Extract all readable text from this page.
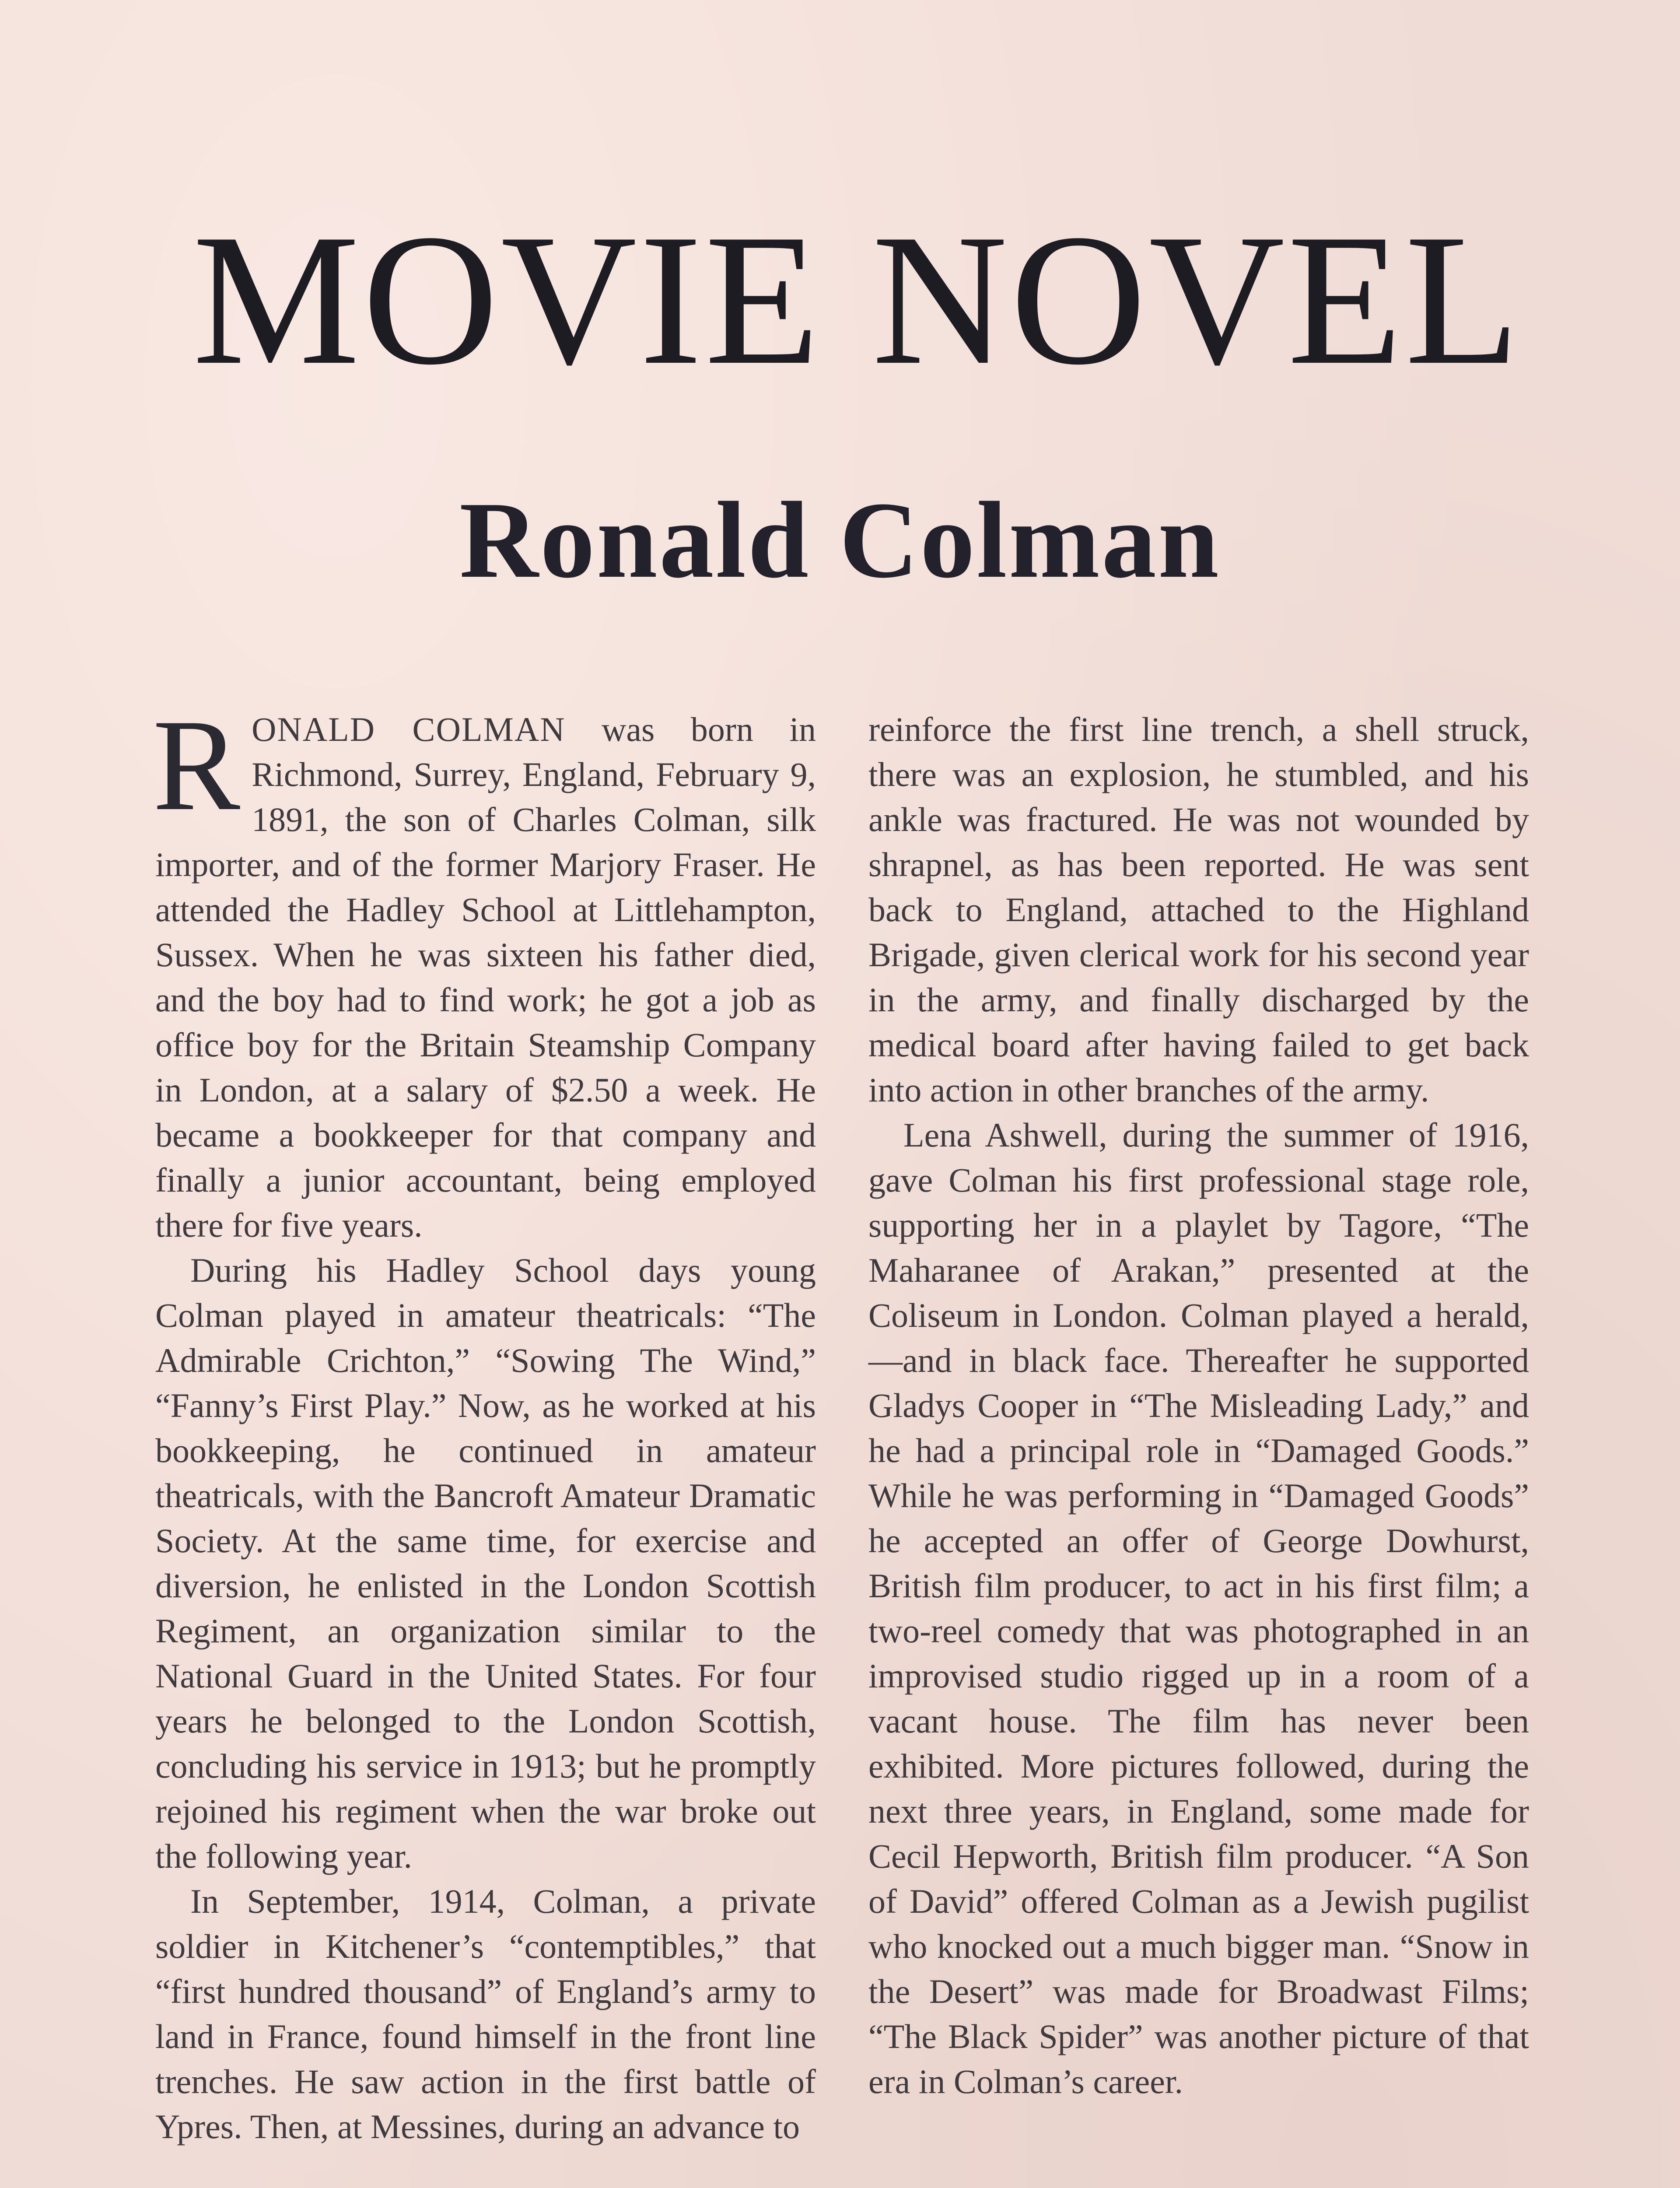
MOVIE NOVEL
Ronald Colman

RONALD COLMAN was born in Richmond, Surrey, England, February 9, 1891, the son of Charles Colman, silk importer, and of the former Marjory Fraser. He attended the Hadley School at Littlehampton, Sussex. When he was sixteen his father died, and the boy had to find work; he got a job as office boy for the Britain Steamship Company in London, at a salary of $2.50 a week. He became a bookkeeper for that company and finally a junior accountant, being employed there for five years.

During his Hadley School days young Colman played in amateur theatricals: “The Admirable Crichton,” “Sowing The Wind,” “Fanny’s First Play.” Now, as he worked at his bookkeeping, he continued in amateur theatricals, with the Bancroft Amateur Dramatic Society. At the same time, for exercise and diversion, he enlisted in the London Scottish Regiment, an organization similar to the National Guard in the United States. For four years he belonged to the London Scottish, concluding his service in 1913; but he promptly rejoined his regiment when the war broke out the following year.

In September, 1914, Colman, a private soldier in Kitchener’s “contemptibles,” that “first hundred thousand” of England’s army to land in France, found himself in the front line trenches. He saw action in the first battle of Ypres. Then, at Messines, during an advance to

reinforce the first line trench, a shell struck, there was an explosion, he stumbled, and his ankle was fractured. He was not wounded by shrapnel, as has been reported. He was sent back to England, attached to the Highland Brigade, given clerical work for his second year in the army, and finally discharged by the medical board after having failed to get back into action in other branches of the army.

Lena Ashwell, during the summer of 1916, gave Colman his first professional stage role, supporting her in a playlet by Tagore, “The Maharanee of Arakan,” presented at the Coliseum in London. Colman played a herald,—and in black face. Thereafter he supported Gladys Cooper in “The Misleading Lady,” and he had a principal role in “Damaged Goods.” While he was performing in “Damaged Goods” he accepted an offer of George Dowhurst, British film producer, to act in his first film; a two-reel comedy that was photographed in an improvised studio rigged up in a room of a vacant house. The film has never been exhibited. More pictures followed, during the next three years, in England, some made for Cecil Hepworth, British film producer. “A Son of David” offered Colman as a Jewish pugilist who knocked out a much bigger man. “Snow in the Desert” was made for Broadwast Films; “The Black Spider” was another picture of that era in Colman’s career.
